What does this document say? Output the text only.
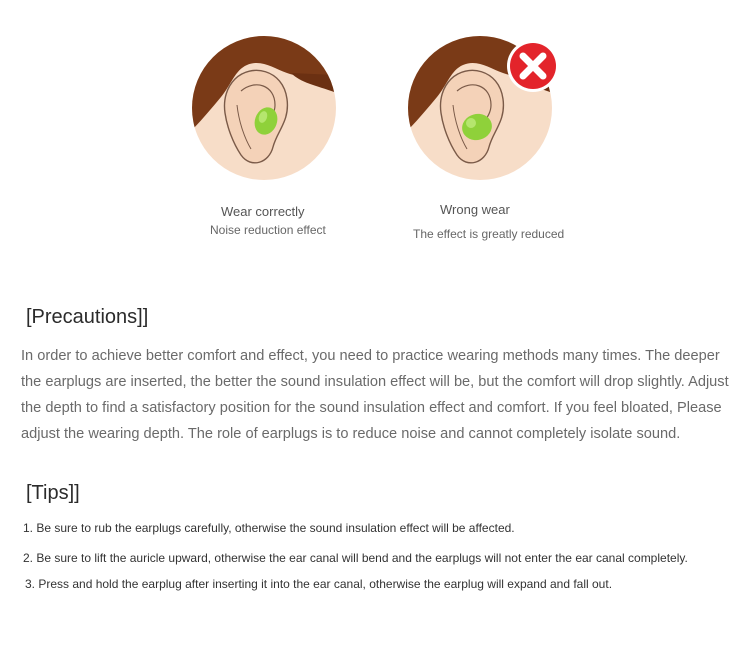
Wear correctly
Noise reduction effect
Wrong wear
The effect is greatly reduced
[Precautions]]
In order to achieve better comfort and effect, you need to practice wearing methods many times. The deeper the earplugs are inserted, the better the sound insulation effect will be, but the comfort will drop slightly. Adjust the depth to find a satisfactory position for the sound insulation effect and comfort. If you feel bloated, Please adjust the wearing depth. The role of earplugs is to reduce noise and cannot completely isolate sound.
[Tips]]
1. Be sure to rub the earplugs carefully, otherwise the sound insulation effect will be affected.
2. Be sure to lift the auricle upward, otherwise the ear canal will bend and the earplugs will not enter the ear canal completely.
3. Press and hold the earplug after inserting it into the ear canal, otherwise the earplug will expand and fall out.
